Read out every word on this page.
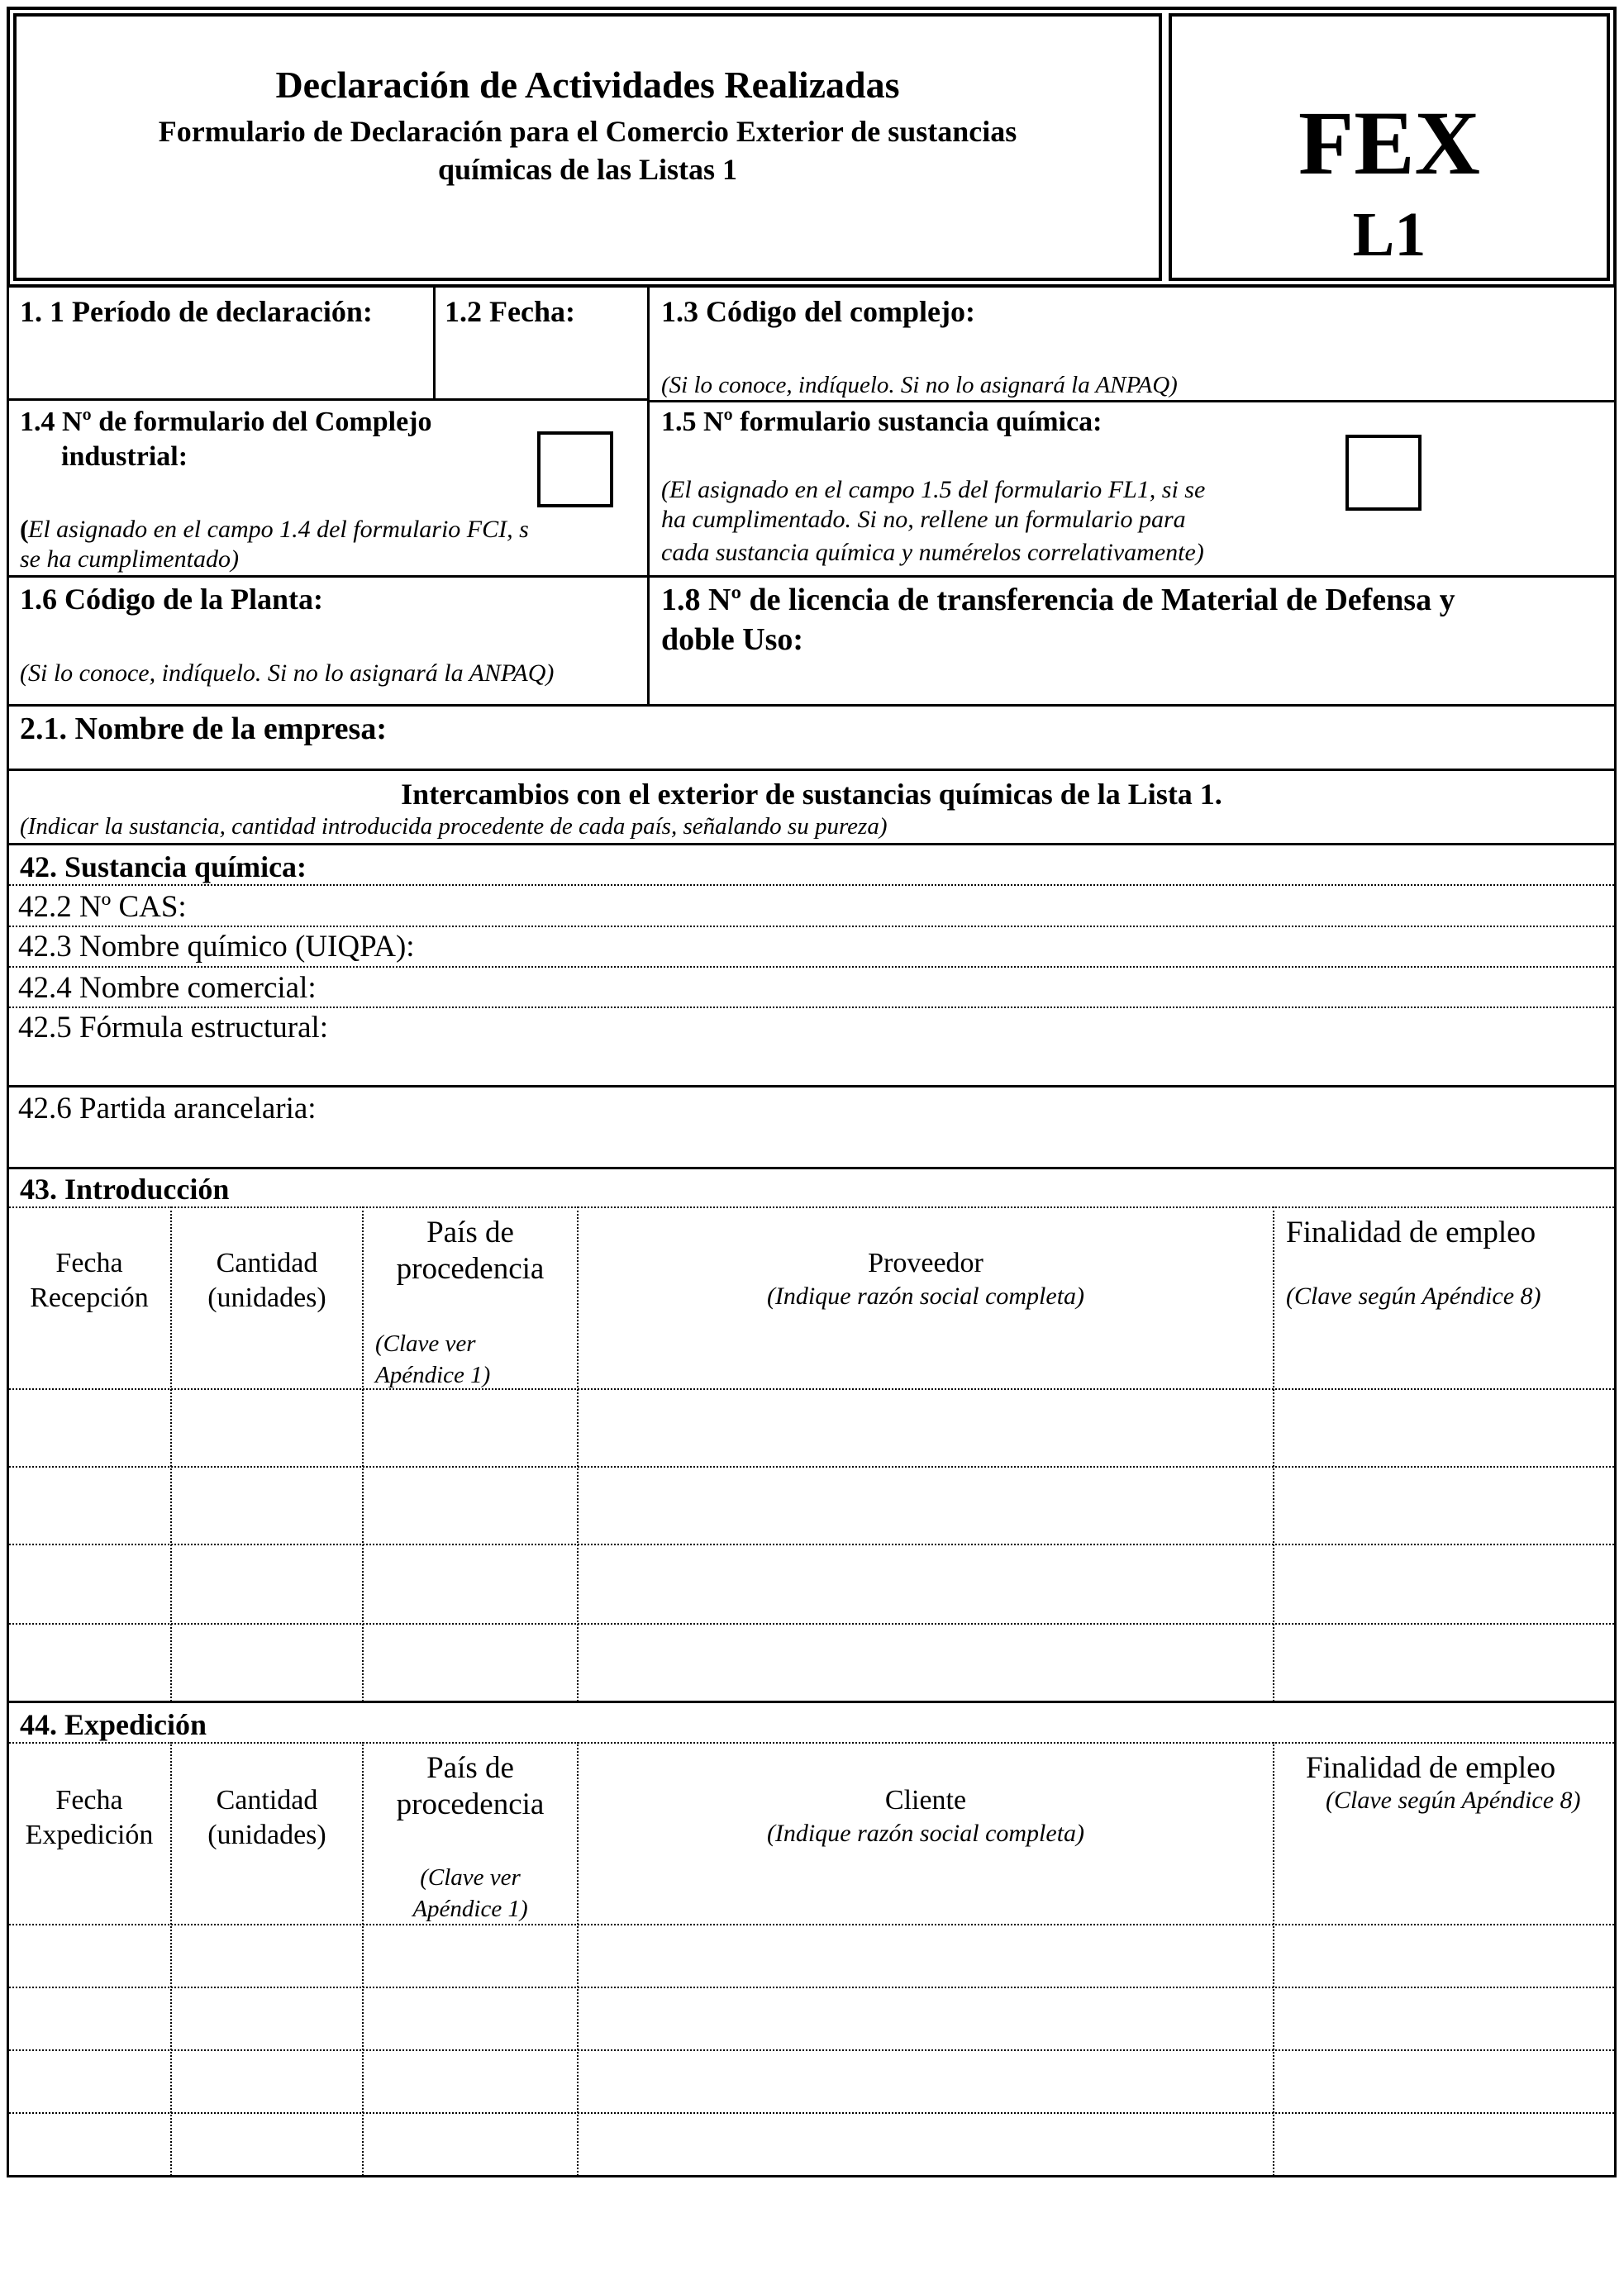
Declaración de Actividades Realizadas
Formulario de Declaración para el Comercio Exterior de sustancias
químicas de las Listas 1	FEX
L1
1. 1 Período de declaración: 1.2 Fecha:	1.3 Código del complejo:
(Si lo conoce, indíquelo. Si no lo asignará la ANPAQ)
1.4 Nº de formulario del Complejo
industrial:
( El asignado en el campo 1.4 del formulario FCI, s
se ha cumplimentado)
1.5 Nº formulario sustancia química:
(El asignado en el campo 1.5 del formulario FL1, si se
ha cumplimentado. Si no, rellene un formulario para
cada sustancia química y numérelos correlativamente)
1.6 Código de la Planta:
(Si lo conoce, indíquelo. Si no lo asignará la ANPAQ)
1.8 Nº de licencia de transferencia de Material de Defensa y
doble Uso:
2.1. Nombre de la empresa:
Intercambios con el exterior de sustancias químicas de la Lista 1.
(Indicar la sustancia, cantidad introducida procedente de cada país, señalando su pureza)
42. Sustancia química:
42.2 Nº CAS:
42.3 Nombre químico (UIQPA):
42.4 Nombre comercial:
42.5 Fórmula estructural:
42.6 Partida arancelaria:
43. Introducción
Fecha
Recepción
Cantidad
(unidades)
País de
procedencia
(Clave ver
Apéndice 1)
Proveedor
(Indique razón social completa)
Finalidad de empleo
(Clave según Apéndice 8)
44. Expedición
Fecha
Expedición
Cantidad
(unidades)
País de
procedencia
(Clave ver
Apéndice 1)
Cliente
(Indique razón social completa)
Finalidad de empleo
(Clave según Apéndice 8)
